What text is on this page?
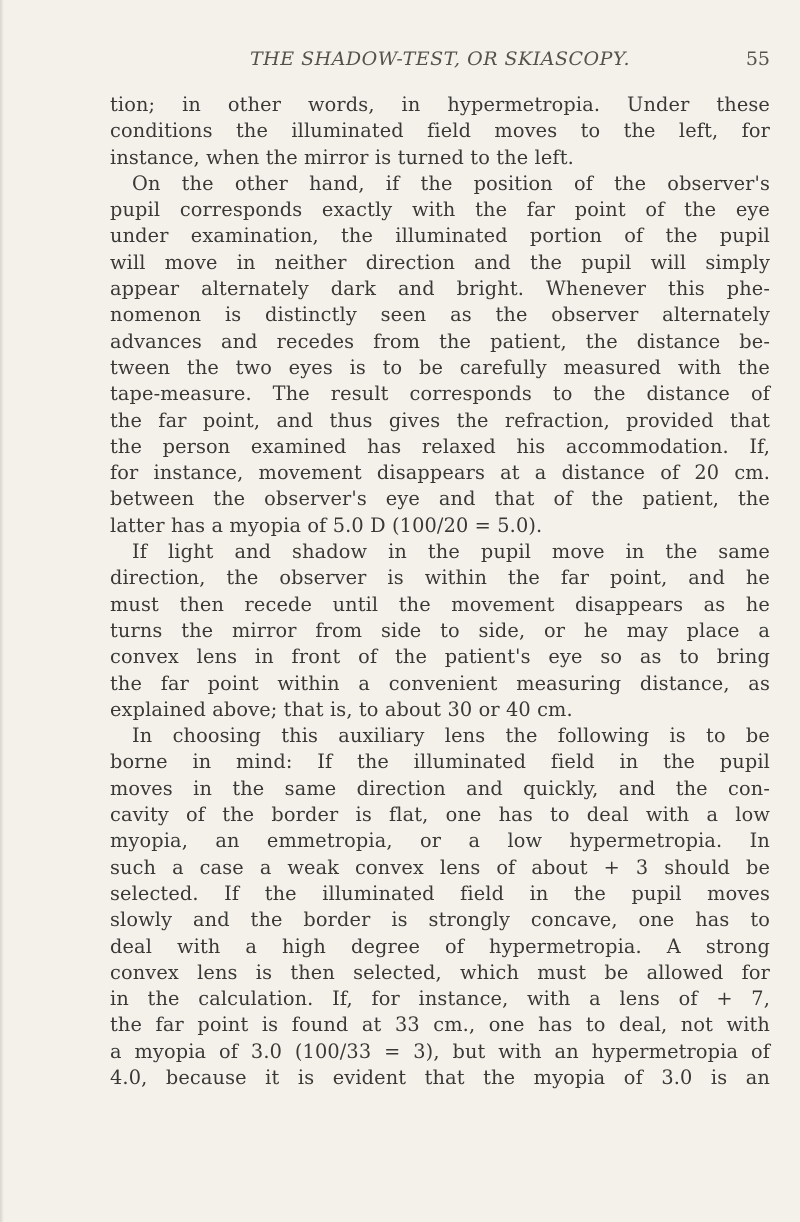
THE SHADOW-TEST, OR SKIASCOPY.	55
tion; in other words, in hypermetropia. Under these
conditions the illuminated field moves to the left, for
instance, when the mirror is turned to the left.
On the other hand, if the position of the observer's
pupil corresponds exactly with the far point of the eye
under examination, the illuminated portion of the pupil
will move in neither direction and the pupil will simply
appear alternately dark and bright. Whenever this phe-
nomenon is distinctly seen as the observer alternately
advances and recedes from the patient, the distance be-
tween the two eyes is to be carefully measured with the
tape-measure. The result corresponds to the distance of
the far point, and thus gives the refraction, provided that
the person examined has relaxed his accommodation. If,
for instance, movement disappears at a distance of 20 cm.
between the observer's eye and that of the patient, the
latter has a myopia of 5.0 D (100/20 = 5.0).
If light and shadow in the pupil move in the same
direction, the observer is within the far point, and he
must then recede until the movement disappears as he
turns the mirror from side to side, or he may place a
convex lens in front of the patient's eye so as to bring
the far point within a convenient measuring distance, as
explained above; that is, to about 30 or 40 cm.
In choosing this auxiliary lens the following is to be
borne in mind: If the illuminated field in the pupil
moves in the same direction and quickly, and the con-
cavity of the border is flat, one has to deal with a low
myopia, an emmetropia, or a low hypermetropia. In
such a case a weak convex lens of about + 3 should be
selected. If the illuminated field in the pupil moves
slowly and the border is strongly concave, one has to
deal with a high degree of hypermetropia. A strong
convex lens is then selected, which must be allowed for
in the calculation. If, for instance, with a lens of + 7,
the far point is found at 33 cm., one has to deal, not with
a myopia of 3.0 (100/33 = 3), but with an hypermetropia of
4.0, because it is evident that the myopia of 3.0 is an
